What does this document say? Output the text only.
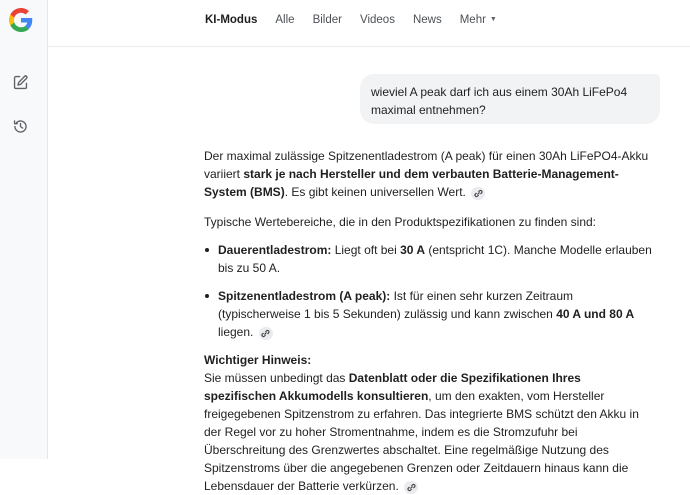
KI-Modus Alle Bilder Videos News Mehr ▼
wieviel A peak darf ich aus einem 30Ah LiFePo4 maximal entnehmen?

Der maximal zulässige Spitzenentladestrom (A peak) für einen 30Ah LiFePO4-Akku variiert stark je nach Hersteller und dem verbauten Batterie-Management-System (BMS). Es gibt keinen universellen Wert.

Typische Wertebereiche, die in den Produktspezifikationen zu finden sind:

Dauerentladestrom: Liegt oft bei 30 A (entspricht 1C). Manche Modelle erlauben bis zu 50 A.
Spitzenentladestrom (A peak): Ist für einen sehr kurzen Zeitraum (typischerweise 1 bis 5 Sekunden) zulässig und kann zwischen 40 A und 80 A liegen.

Wichtiger Hinweis:
Sie müssen unbedingt das Datenblatt oder die Spezifikationen Ihres spezifischen Akkumodells konsultieren, um den exakten, vom Hersteller freigegebenen Spitzenstrom zu erfahren. Das integrierte BMS schützt den Akku in der Regel vor zu hoher Stromentnahme, indem es die Stromzufuhr bei Überschreitung des Grenzwertes abschaltet. Eine regelmäßige Nutzung des Spitzenstroms über die angegebenen Grenzen oder Zeitdauern hinaus kann die Lebensdauer der Batterie verkürzen.
